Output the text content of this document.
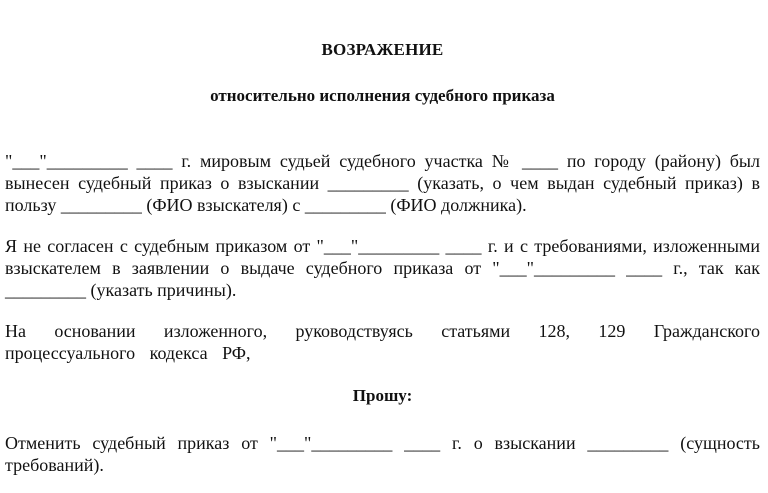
ВОЗРАЖЕНИЕ
относительно исполнения судебного приказа
"___"_________ ____ г. мировым судьей судебного участка № ____ по городу (району) был вынесен судебный приказ о взыскании _________ (указать, о чем выдан судебный приказ) в пользу _________ (ФИО взыскателя) с _________ (ФИО должника).
Я не согласен с судебным приказом от "___"_________ ____ г. и с требованиями, изложенными взыскателем в заявлении о выдаче судебного приказа от "___"_________ ____ г., так как _________ (указать причины).
На основании изложенного, руководствуясь статьями 128, 129 Гражданского процессуального кодекса РФ,
Прошу:
Отменить судебный приказ от "___"_________ ____ г. о взыскании _________ (сущность требований).
